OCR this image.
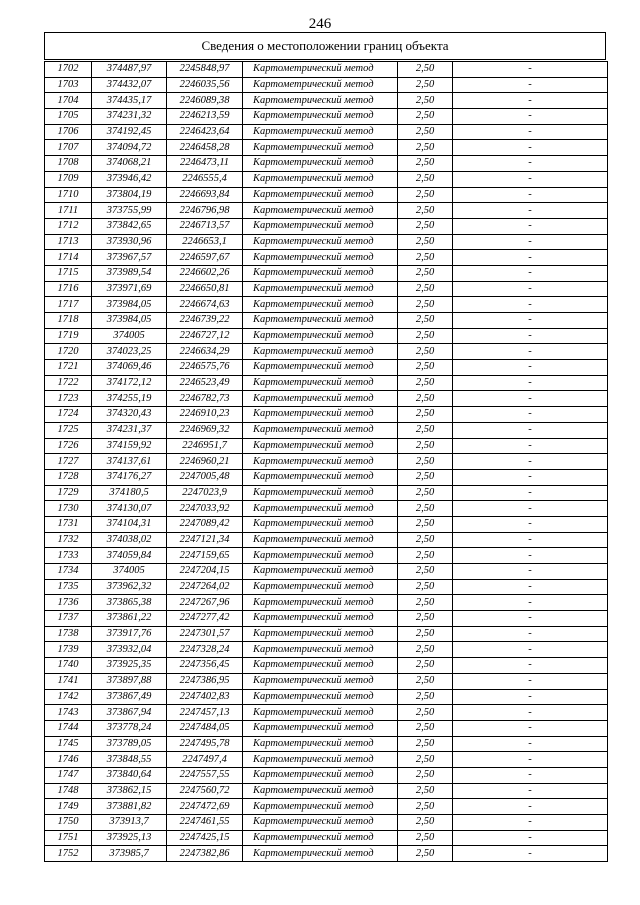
246
Сведения о местоположении границ объекта
1702	374487,97	2245848,97	Картометрический метод	2,50	-
1703	374432,07	2246035,56	Картометрический метод	2,50	-
1704	374435,17	2246089,38	Картометрический метод	2,50	-
1705	374231,32	2246213,59	Картометрический метод	2,50	-
1706	374192,45	2246423,64	Картометрический метод	2,50	-
1707	374094,72	2246458,28	Картометрический метод	2,50	-
1708	374068,21	2246473,11	Картометрический метод	2,50	-
1709	373946,42	2246555,4	Картометрический метод	2,50	-
1710	373804,19	2246693,84	Картометрический метод	2,50	-
1711	373755,99	2246796,98	Картометрический метод	2,50	-
1712	373842,65	2246713,57	Картометрический метод	2,50	-
1713	373930,96	2246653,1	Картометрический метод	2,50	-
1714	373967,57	2246597,67	Картометрический метод	2,50	-
1715	373989,54	2246602,26	Картометрический метод	2,50	-
1716	373971,69	2246650,81	Картометрический метод	2,50	-
1717	373984,05	2246674,63	Картометрический метод	2,50	-
1718	373984,05	2246739,22	Картометрический метод	2,50	-
1719	374005	2246727,12	Картометрический метод	2,50	-
1720	374023,25	2246634,29	Картометрический метод	2,50	-
1721	374069,46	2246575,76	Картометрический метод	2,50	-
1722	374172,12	2246523,49	Картометрический метод	2,50	-
1723	374255,19	2246782,73	Картометрический метод	2,50	-
1724	374320,43	2246910,23	Картометрический метод	2,50	-
1725	374231,37	2246969,32	Картометрический метод	2,50	-
1726	374159,92	2246951,7	Картометрический метод	2,50	-
1727	374137,61	2246960,21	Картометрический метод	2,50	-
1728	374176,27	2247005,48	Картометрический метод	2,50	-
1729	374180,5	2247023,9	Картометрический метод	2,50	-
1730	374130,07	2247033,92	Картометрический метод	2,50	-
1731	374104,31	2247089,42	Картометрический метод	2,50	-
1732	374038,02	2247121,34	Картометрический метод	2,50	-
1733	374059,84	2247159,65	Картометрический метод	2,50	-
1734	374005	2247204,15	Картометрический метод	2,50	-
1735	373962,32	2247264,02	Картометрический метод	2,50	-
1736	373865,38	2247267,96	Картометрический метод	2,50	-
1737	373861,22	2247277,42	Картометрический метод	2,50	-
1738	373917,76	2247301,57	Картометрический метод	2,50	-
1739	373932,04	2247328,24	Картометрический метод	2,50	-
1740	373925,35	2247356,45	Картометрический метод	2,50	-
1741	373897,88	2247386,95	Картометрический метод	2,50	-
1742	373867,49	2247402,83	Картометрический метод	2,50	-
1743	373867,94	2247457,13	Картометрический метод	2,50	-
1744	373778,24	2247484,05	Картометрический метод	2,50	-
1745	373789,05	2247495,78	Картометрический метод	2,50	-
1746	373848,55	2247497,4	Картометрический метод	2,50	-
1747	373840,64	2247557,55	Картометрический метод	2,50	-
1748	373862,15	2247560,72	Картометрический метод	2,50	-
1749	373881,82	2247472,69	Картометрический метод	2,50	-
1750	373913,7	2247461,55	Картометрический метод	2,50	-
1751	373925,13	2247425,15	Картометрический метод	2,50	-
1752	373985,7	2247382,86	Картометрический метод	2,50	-
